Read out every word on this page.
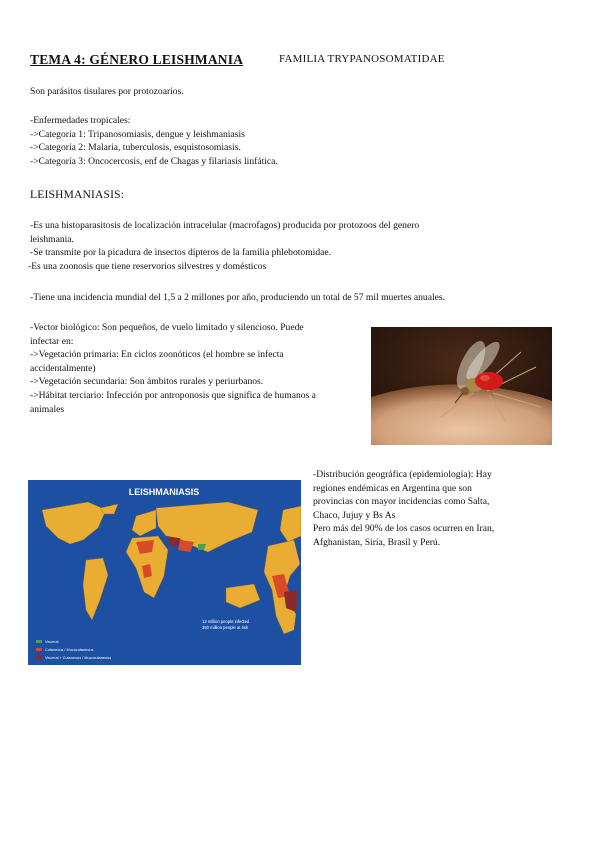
TEMA 4: GÉNERO LEISHMANIA	FAMILIA TRYPANOSOMATIDAE
Son parásitos tisulares por protozoarios.

-Enfermedades tropicales:

->Categoría 1: Tripanosomiasis, dengue y leishmaniasis

->Categoría 2: Malaria, tuberculosis, esquistosomiasis.

->Categoría 3: Oncocercosis, enf de Chagas y filariasis linfática.

LEISHMANIASIS:

-Es una histoparasitosis de localización intracelular (macrofagos) producida por protozoos del genero

leishmania.

-Se transmite por la picadura de insectos dípteros de la familia phlebotomidae.

-Es una zoonosis que tiene reservorios silvestres y domésticos

-Tiene una incidencia mundial del 1,5 a 2 millones por año, produciendo un total de 57 mil muertes anuales.

-Vector biológico: Son pequeños, de vuelo limitado y silencioso. Puede

infectar en:

->Vegetación primaria: En ciclos zoonóticos (el hombre se infecta

accidentalmente)

->Vegetación secundaria: Son ámbitos rurales y periurbanos.

->Hábitat terciario: Infección por antroponosis que significa de humanos a

animales

LEISHMANIASIS
12 million people infected
350 million people at risk
Visceral
Cutaneous / Mucocutaneous
Visceral + Cutaneous / Mucocutaneous

-Distribución geográfica (epidemiología): Hay

regiones endémicas en Argentina que son

provincias con mayor incidencias como Salta,

Chaco, Jujuy y Bs As

Pero más del 90% de los casos ocurren en Iran,

Afghanistan, Siria, Brasil y Perú.
